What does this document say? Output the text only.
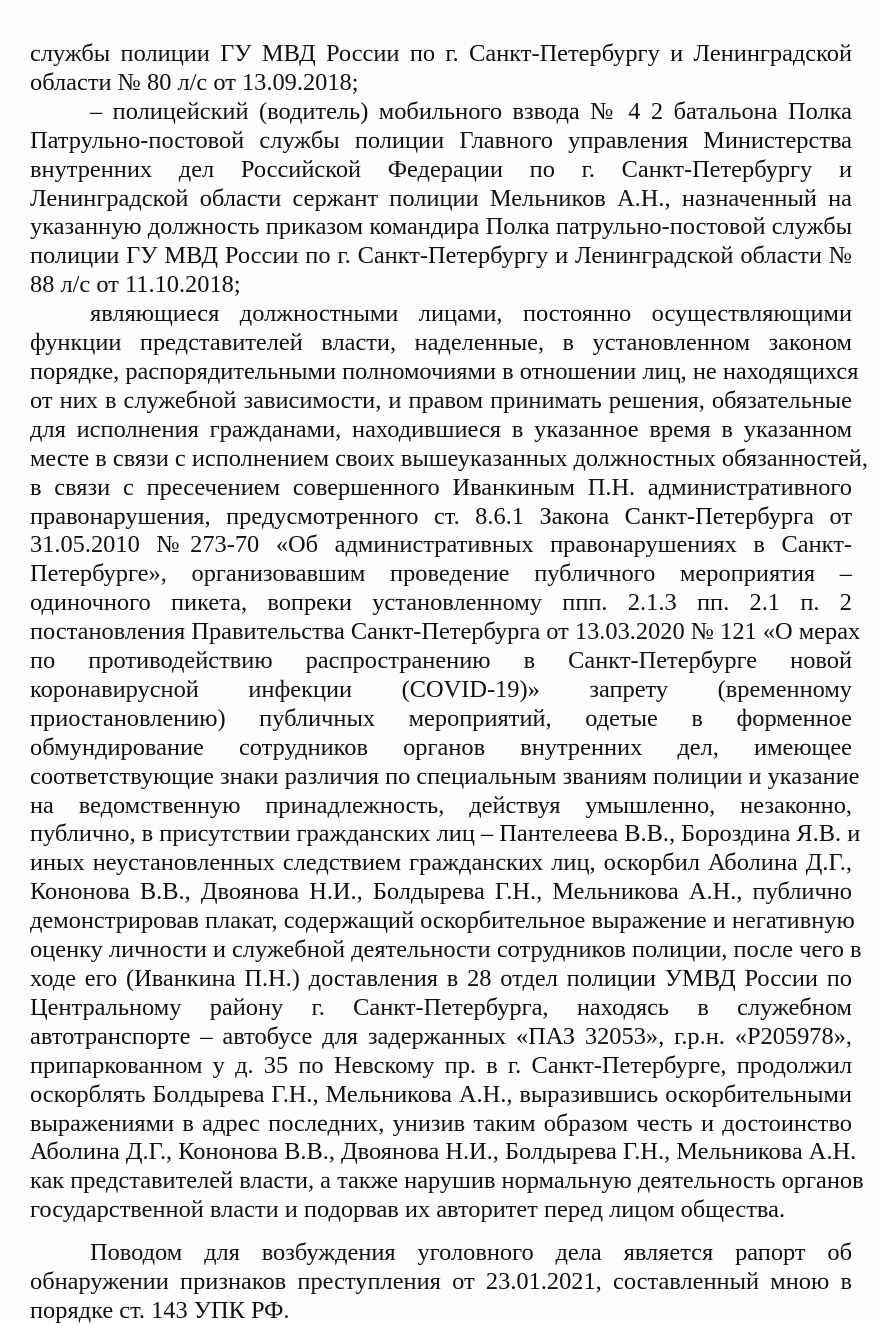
службы полиции ГУ МВД России по г. Санкт-Петербургу и Ленинградской
области № 80 л/с от 13.09.2018;
– полицейский (водитель) мобильного взвода № 4 2 батальона Полка
Патрульно-постовой службы полиции Главного управления Министерства
внутренних дел Российской Федерации по г. Санкт-Петербургу и
Ленинградской области сержант полиции Мельников А.Н., назначенный на
указанную должность приказом командира Полка патрульно-постовой службы
полиции ГУ МВД России по г. Санкт-Петербургу и Ленинградской области №
88 л/с от 11.10.2018;
являющиеся должностными лицами, постоянно осуществляющими
функции представителей власти, наделенные, в установленном законом
порядке, распорядительными полномочиями в отношении лиц, не находящихся
от них в служебной зависимости, и правом принимать решения, обязательные
для исполнения гражданами, находившиеся в указанное время в указанном
месте в связи с исполнением своих вышеуказанных должностных обязанностей,
в связи с пресечением совершенного Иванкиным П.Н. административного
правонарушения, предусмотренного ст. 8.6.1 Закона Санкт-Петербурга от
31.05.2010 №273-70 «Об административных правонарушениях в Санкт-
Петербурге», организовавшим проведение публичного мероприятия –
одиночного пикета, вопреки установленному ппп. 2.1.3 пп. 2.1 п. 2
постановления Правительства Санкт-Петербурга от 13.03.2020 № 121 «О мерах
по противодействию распространению в Санкт-Петербурге новой
коронавирусной инфекции (COVID-19)» запрету (временному
приостановлению) публичных мероприятий, одетые в форменное
обмундирование сотрудников органов внутренних дел, имеющее
соответствующие знаки различия по специальным званиям полиции и указание
на ведомственную принадлежность, действуя умышленно, незаконно,
публично, в присутствии гражданских лиц – Пантелеева В.В., Бороздина Я.В. и
иных неустановленных следствием гражданских лиц, оскорбил Аболина Д.Г.,
Кононова В.В., Двоянова Н.И., Болдырева Г.Н., Мельникова А.Н., публично
демонстрировав плакат, содержащий оскорбительное выражение и негативную
оценку личности и служебной деятельности сотрудников полиции, после чего в
ходе его (Иванкина П.Н.) доставления в 28 отдел полиции УМВД России по
Центральному району г. Санкт-Петербурга, находясь в служебном
автотранспорте – автобусе для задержанных «ПАЗ 32053», г.р.н. «Р205978»,
припаркованном у д. 35 по Невскому пр. в г. Санкт-Петербурге, продолжил
оскорблять Болдырева Г.Н., Мельникова А.Н., выразившись оскорбительными
выражениями в адрес последних, унизив таким образом честь и достоинство
Аболина Д.Г., Кононова В.В., Двоянова Н.И., Болдырева Г.Н., Мельникова А.Н.
как представителей власти, а также нарушив нормальную деятельность органов
государственной власти и подорвав их авторитет перед лицом общества.
Поводом для возбуждения уголовного дела является рапорт об
обнаружении признаков преступления от 23.01.2021, составленный мною в
порядке ст. 143 УПК РФ.
